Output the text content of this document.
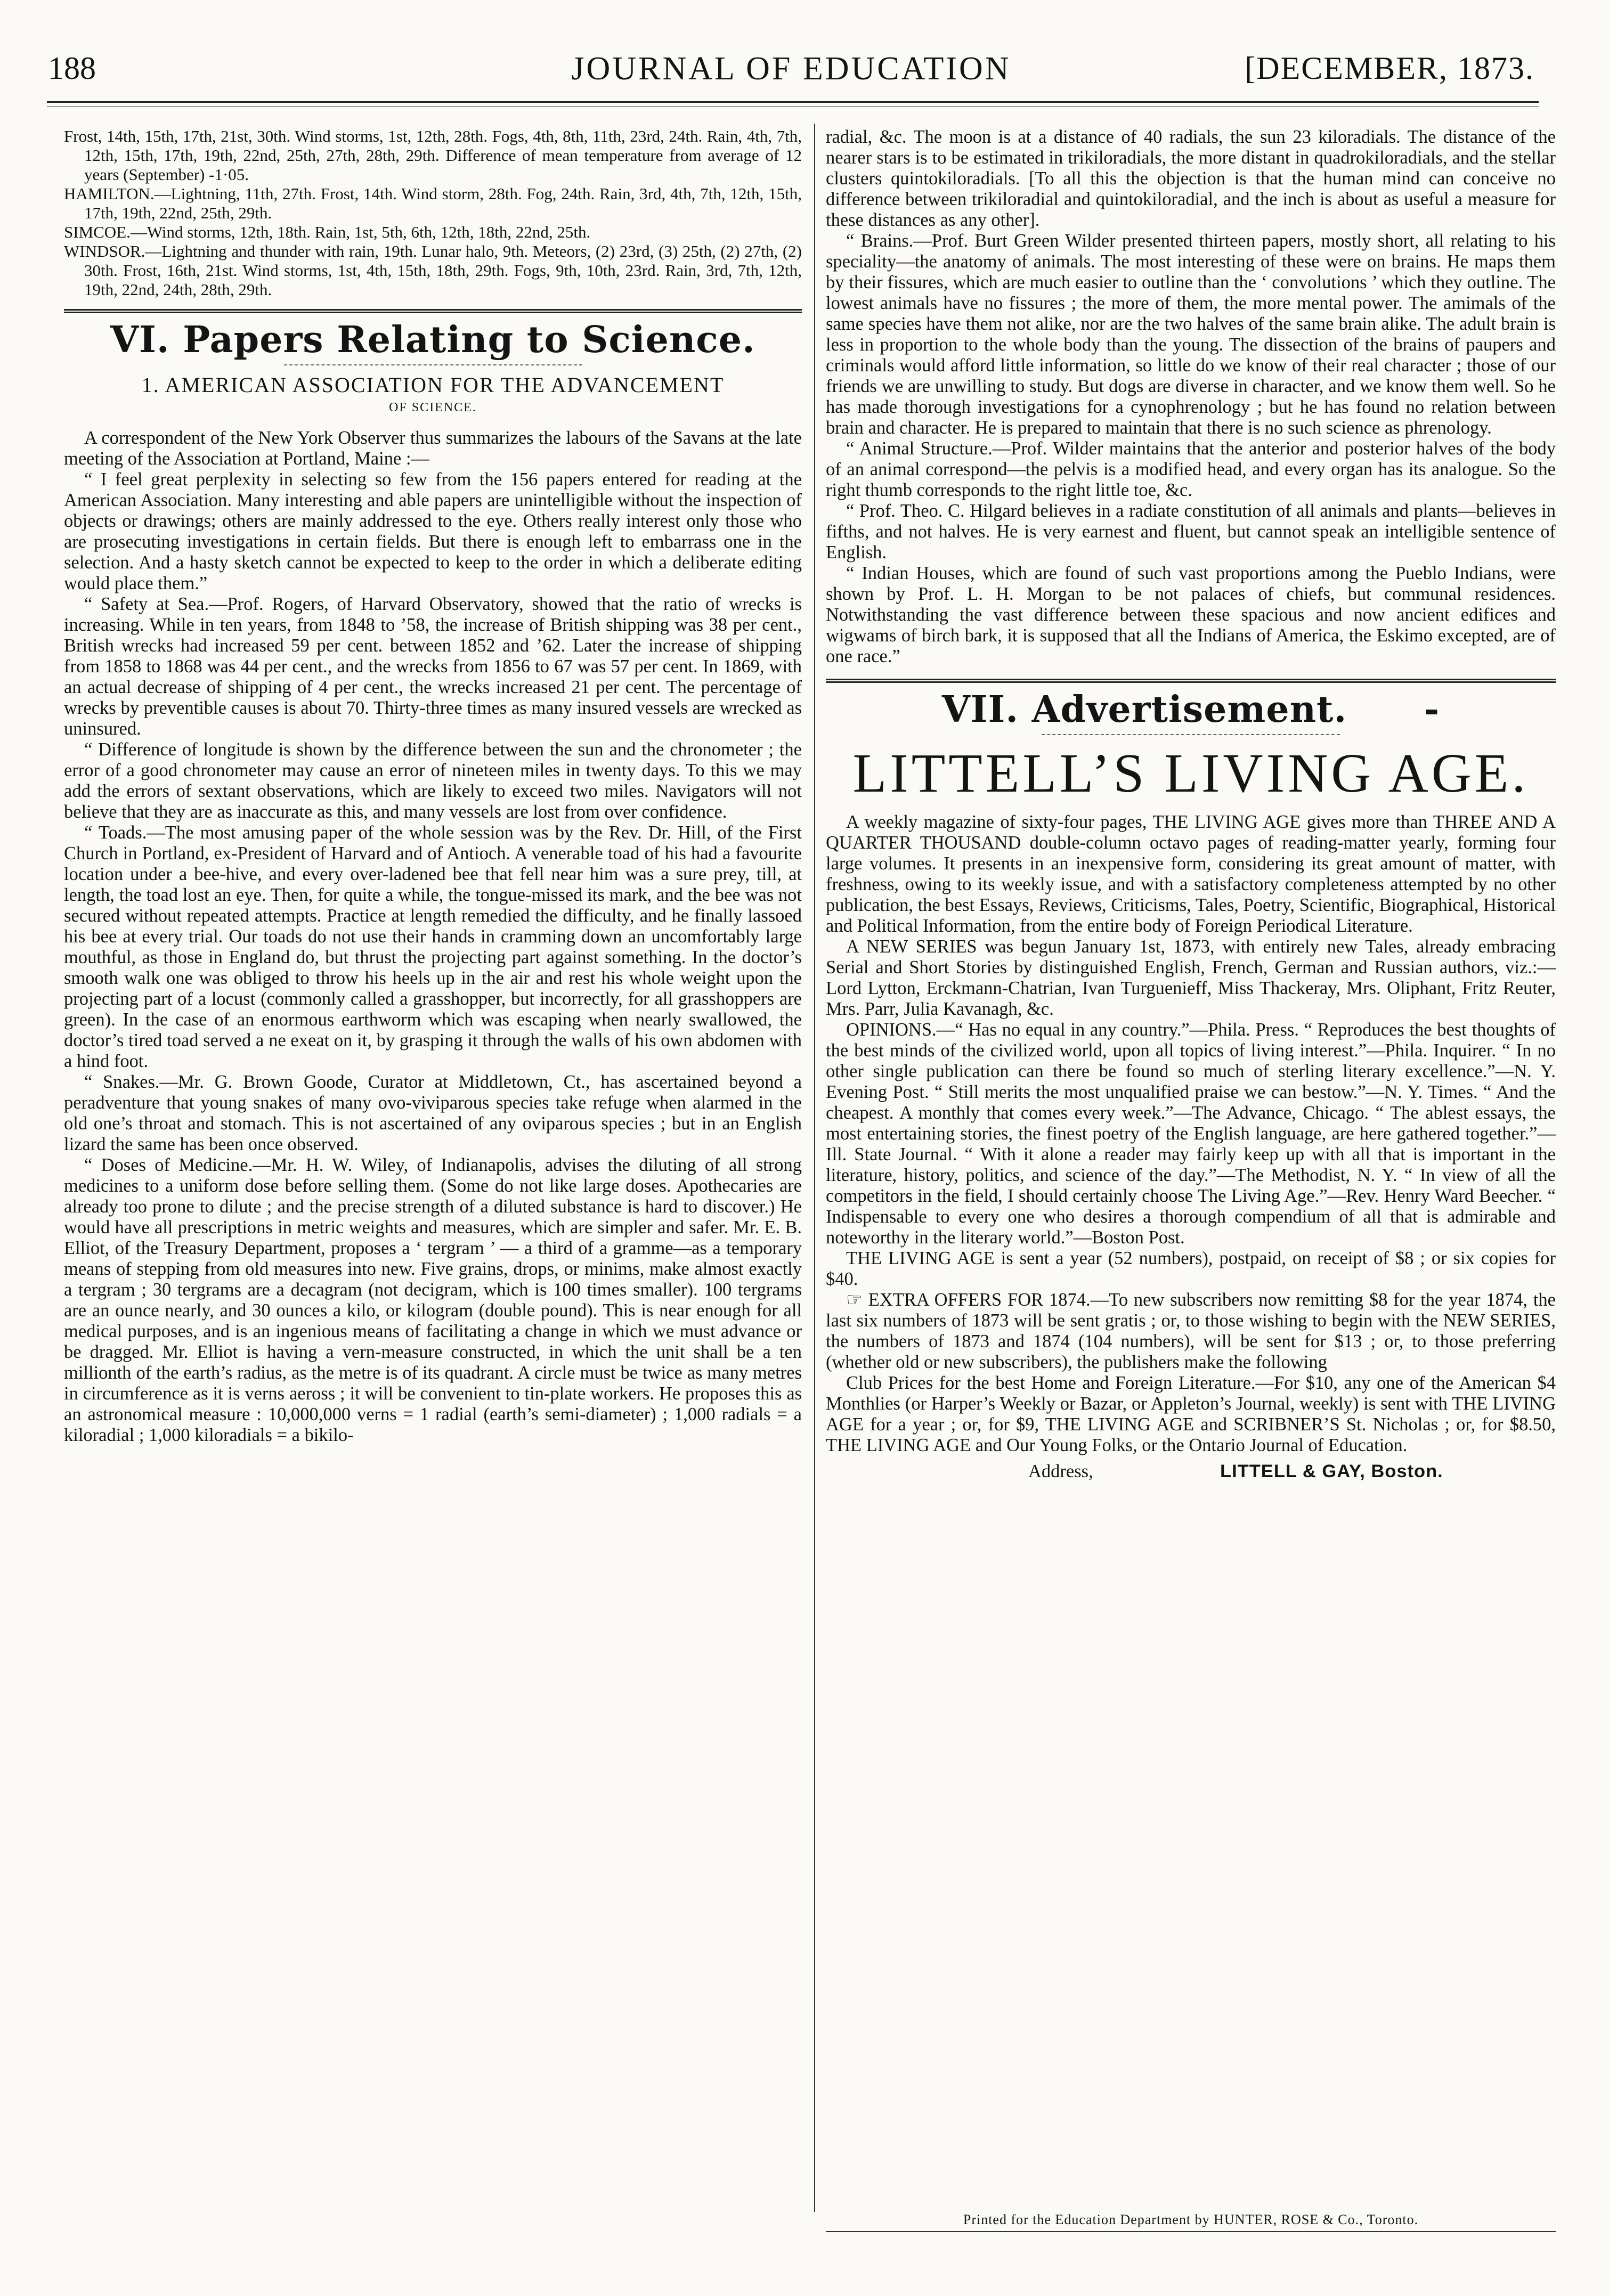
188	JOURNAL OF EDUCATION	[DECEMBER, 1873.

Frost, 14th, 15th, 17th, 21st, 30th. Wind storms, 1st, 12th, 28th. Fogs, 4th, 8th, 11th, 23rd, 24th. Rain, 4th, 7th, 12th, 15th, 17th, 19th, 22nd, 25th, 27th, 28th, 29th. Difference of mean temperature from average of 12 years (September) -1·05.

HAMILTON.—Lightning, 11th, 27th. Frost, 14th. Wind storm, 28th. Fog, 24th. Rain, 3rd, 4th, 7th, 12th, 15th, 17th, 19th, 22nd, 25th, 29th.

SIMCOE.—Wind storms, 12th, 18th. Rain, 1st, 5th, 6th, 12th, 18th, 22nd, 25th.

WINDSOR.—Lightning and thunder with rain, 19th. Lunar halo, 9th. Meteors, (2) 23rd, (3) 25th, (2) 27th, (2) 30th. Frost, 16th, 21st. Wind storms, 1st, 4th, 15th, 18th, 29th. Fogs, 9th, 10th, 23rd. Rain, 3rd, 7th, 12th, 19th, 22nd, 24th, 28th, 29th.

VI. Papers Relating to Science.
1. AMERICAN ASSOCIATION FOR THE ADVANCEMENT
OF SCIENCE.

A correspondent of the New York Observer thus summarizes the labours of the Savans at the late meeting of the Association at Portland, Maine :—

“ I feel great perplexity in selecting so few from the 156 papers entered for reading at the American Association. Many interesting and able papers are unintelligible without the inspection of objects or drawings; others are mainly addressed to the eye. Others really interest only those who are prosecuting investigations in certain fields. But there is enough left to embarrass one in the selection. And a hasty sketch cannot be expected to keep to the order in which a deliberate editing would place them.”

“ Safety at Sea.—Prof. Rogers, of Harvard Observatory, showed that the ratio of wrecks is increasing. While in ten years, from 1848 to ’58, the increase of British shipping was 38 per cent., British wrecks had increased 59 per cent. between 1852 and ’62. Later the increase of shipping from 1858 to 1868 was 44 per cent., and the wrecks from 1856 to 67 was 57 per cent. In 1869, with an actual decrease of shipping of 4 per cent., the wrecks increased 21 per cent. The percentage of wrecks by preventible causes is about 70. Thirty-three times as many insured vessels are wrecked as uninsured.

“ Difference of longitude is shown by the difference between the sun and the chronometer ; the error of a good chronometer may cause an error of nineteen miles in twenty days. To this we may add the errors of sextant observations, which are likely to exceed two miles. Navigators will not believe that they are as inaccurate as this, and many vessels are lost from over confidence.

“ Toads.—The most amusing paper of the whole session was by the Rev. Dr. Hill, of the First Church in Portland, ex-President of Harvard and of Antioch. A venerable toad of his had a favourite location under a bee-hive, and every over-ladened bee that fell near him was a sure prey, till, at length, the toad lost an eye. Then, for quite a while, the tongue-missed its mark, and the bee was not secured without repeated attempts. Practice at length remedied the difficulty, and he finally lassoed his bee at every trial. Our toads do not use their hands in cramming down an uncomfortably large mouthful, as those in England do, but thrust the projecting part against something. In the doctor’s smooth walk one was obliged to throw his heels up in the air and rest his whole weight upon the projecting part of a locust (commonly called a grasshopper, but incorrectly, for all grasshoppers are green). In the case of an enormous earthworm which was escaping when nearly swallowed, the doctor’s tired toad served a ne exeat on it, by grasping it through the walls of his own abdomen with a hind foot.

“ Snakes.—Mr. G. Brown Goode, Curator at Middletown, Ct., has ascertained beyond a peradventure that young snakes of many ovo-viviparous species take refuge when alarmed in the old one’s throat and stomach. This is not ascertained of any oviparous species ; but in an English lizard the same has been once observed.

“ Doses of Medicine.—Mr. H. W. Wiley, of Indianapolis, advises the diluting of all strong medicines to a uniform dose before selling them. (Some do not like large doses. Apothecaries are already too prone to dilute ; and the precise strength of a diluted substance is hard to discover.) He would have all prescriptions in metric weights and measures, which are simpler and safer. Mr. E. B. Elliot, of the Treasury Department, proposes a ‘ tergram ’ — a third of a gramme—as a temporary means of stepping from old measures into new. Five grains, drops, or minims, make almost exactly a tergram ; 30 tergrams are a decagram (not decigram, which is 100 times smaller). 100 tergrams are an ounce nearly, and 30 ounces a kilo, or kilogram (double pound). This is near enough for all medical purposes, and is an ingenious means of facilitating a change in which we must advance or be dragged. Mr. Elliot is having a vern-measure constructed, in which the unit shall be a ten millionth of the earth’s radius, as the metre is of its quadrant. A circle must be twice as many metres in circumference as it is verns aeross ; it will be convenient to tin-plate workers. He proposes this as an astronomical measure : 10,000,000 verns = 1 radial (earth’s semi-diameter) ; 1,000 radials = a kiloradial ; 1,000 kiloradials = a bikilo-

radial, &c. The moon is at a distance of 40 radials, the sun 23 kiloradials. The distance of the nearer stars is to be estimated in trikiloradials, the more distant in quadrokiloradials, and the stellar clusters quintokiloradials. [To all this the objection is that the human mind can conceive no difference between trikiloradial and quintokiloradial, and the inch is about as useful a measure for these distances as any other].

“ Brains.—Prof. Burt Green Wilder presented thirteen papers, mostly short, all relating to his speciality—the anatomy of animals. The most interesting of these were on brains. He maps them by their fissures, which are much easier to outline than the ‘ convolutions ’ which they outline. The lowest animals have no fissures ; the more of them, the more mental power. The amimals of the same species have them not alike, nor are the two halves of the same brain alike. The adult brain is less in proportion to the whole body than the young. The dissection of the brains of paupers and criminals would afford little information, so little do we know of their real character ; those of our friends we are unwilling to study. But dogs are diverse in character, and we know them well. So he has made thorough investigations for a cynophrenology ; but he has found no relation between brain and character. He is prepared to maintain that there is no such science as phrenology.

“ Animal Structure.—Prof. Wilder maintains that the anterior and posterior halves of the body of an animal correspond—the pelvis is a modified head, and every organ has its analogue. So the right thumb corresponds to the right little toe, &c.

“ Prof. Theo. C. Hilgard believes in a radiate constitution of all animals and plants—believes in fifths, and not halves. He is very earnest and fluent, but cannot speak an intelligible sentence of English.

“ Indian Houses, which are found of such vast proportions among the Pueblo Indians, were shown by Prof. L. H. Morgan to be not palaces of chiefs, but communal residences. Notwithstanding the vast difference between these spacious and now ancient edifices and wigwams of birch bark, it is supposed that all the Indians of America, the Eskimo excepted, are of one race.”

VII. Advertisement. -
LITTELL’S LIVING AGE.

A weekly magazine of sixty-four pages, THE LIVING AGE gives more than THREE AND A QUARTER THOUSAND double-column octavo pages of reading-matter yearly, forming four large volumes. It presents in an inexpensive form, considering its great amount of matter, with freshness, owing to its weekly issue, and with a satisfactory completeness attempted by no other publication, the best Essays, Reviews, Criticisms, Tales, Poetry, Scientific, Biographical, Historical and Political Information, from the entire body of Foreign Periodical Literature.

A NEW SERIES was begun January 1st, 1873, with entirely new Tales, already embracing Serial and Short Stories by distinguished English, French, German and Russian authors, viz.:—Lord Lytton, Erckmann-Chatrian, Ivan Turguenieff, Miss Thackeray, Mrs. Oliphant, Fritz Reuter, Mrs. Parr, Julia Kavanagh, &c.

OPINIONS.—“ Has no equal in any country.”—Phila. Press. “ Reproduces the best thoughts of the best minds of the civilized world, upon all topics of living interest.”—Phila. Inquirer. “ In no other single publication can there be found so much of sterling literary excellence.”—N. Y. Evening Post. “ Still merits the most unqualified praise we can bestow.”—N. Y. Times. “ And the cheapest. A monthly that comes every week.”—The Advance, Chicago. “ The ablest essays, the most entertaining stories, the finest poetry of the English language, are here gathered together.”—Ill. State Journal. “ With it alone a reader may fairly keep up with all that is important in the literature, history, politics, and science of the day.”—The Methodist, N. Y. “ In view of all the competitors in the field, I should certainly choose The Living Age.”—Rev. Henry Ward Beecher. “ Indispensable to every one who desires a thorough compendium of all that is admirable and noteworthy in the literary world.”—Boston Post.

THE LIVING AGE is sent a year (52 numbers), postpaid, on receipt of $8 ; or six copies for $40.

☞ EXTRA OFFERS FOR 1874.—To new subscribers now remitting $8 for the year 1874, the last six numbers of 1873 will be sent gratis ; or, to those wishing to begin with the NEW SERIES, the numbers of 1873 and 1874 (104 numbers), will be sent for $13 ; or, to those preferring (whether old or new subscribers), the publishers make the following

Club Prices for the best Home and Foreign Literature.—For $10, any one of the American $4 Monthlies (or Harper’s Weekly or Bazar, or Appleton’s Journal, weekly) is sent with THE LIVING AGE for a year ; or, for $9, THE LIVING AGE and SCRIBNER’S St. Nicholas ; or, for $8.50, THE LIVING AGE and Our Young Folks, or the Ontario Journal of Education.

Address,	LITTELL & GAY, Boston.
Printed for the Education Department by HUNTER, ROSE & Co., Toronto.
